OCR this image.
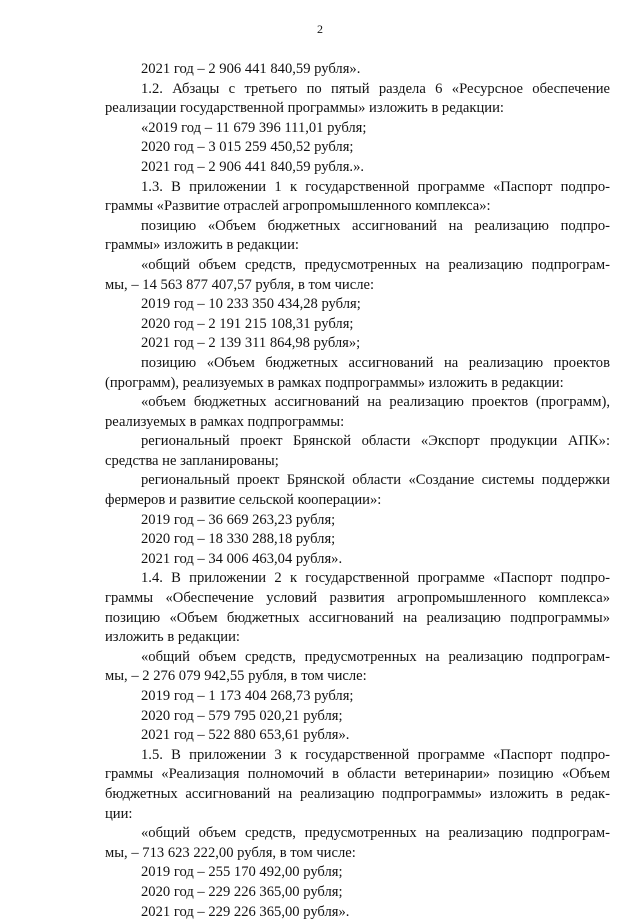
2
2021 год – 2 906 441 840,59 рубля».
1.2. Абзацы с третьего по пятый раздела 6 «Ресурсное обеспечение
реализации государственной программы» изложить в редакции:
«2019 год – 11 679 396 111,01 рубля;
2020 год – 3 015 259 450,52 рубля;
2021 год – 2 906 441 840,59 рубля.».
1.3. В приложении 1 к государственной программе «Паспорт подпро-
граммы «Развитие отраслей агропромышленного комплекса»:
позицию «Объем бюджетных ассигнований на реализацию подпро-
граммы» изложить в редакции:
«общий объем средств, предусмотренных на реализацию подпрограм-
мы, – 14 563 877 407,57 рубля, в том числе:
2019 год – 10 233 350 434,28 рубля;
2020 год – 2 191 215 108,31 рубля;
2021 год – 2 139 311 864,98 рубля»;
позицию «Объем бюджетных ассигнований на реализацию проектов
(программ), реализуемых в рамках подпрограммы» изложить в редакции:
«объем бюджетных ассигнований на реализацию проектов (программ),
реализуемых в рамках подпрограммы:
региональный проект Брянской области «Экспорт продукции АПК»:
средства не запланированы;
региональный проект Брянской области «Создание системы поддержки
фермеров и развитие сельской кооперации»:
2019 год – 36 669 263,23 рубля;
2020 год – 18 330 288,18 рубля;
2021 год – 34 006 463,04 рубля».
1.4. В приложении 2 к государственной программе «Паспорт подпро-
граммы «Обеспечение условий развития агропромышленного комплекса»
позицию «Объем бюджетных ассигнований на реализацию подпрограммы»
изложить в редакции:
«общий объем средств, предусмотренных на реализацию подпрограм-
мы, – 2 276 079 942,55 рубля, в том числе:
2019 год – 1 173 404 268,73 рубля;
2020 год – 579 795 020,21 рубля;
2021 год – 522 880 653,61 рубля».
1.5. В приложении 3 к государственной программе «Паспорт подпро-
граммы «Реализация полномочий в области ветеринарии» позицию «Объем
бюджетных ассигнований на реализацию подпрограммы» изложить в редак-
ции:
«общий объем средств, предусмотренных на реализацию подпрограм-
мы, – 713 623 222,00 рубля, в том числе:
2019 год – 255 170 492,00 рубля;
2020 год – 229 226 365,00 рубля;
2021 год – 229 226 365,00 рубля».
